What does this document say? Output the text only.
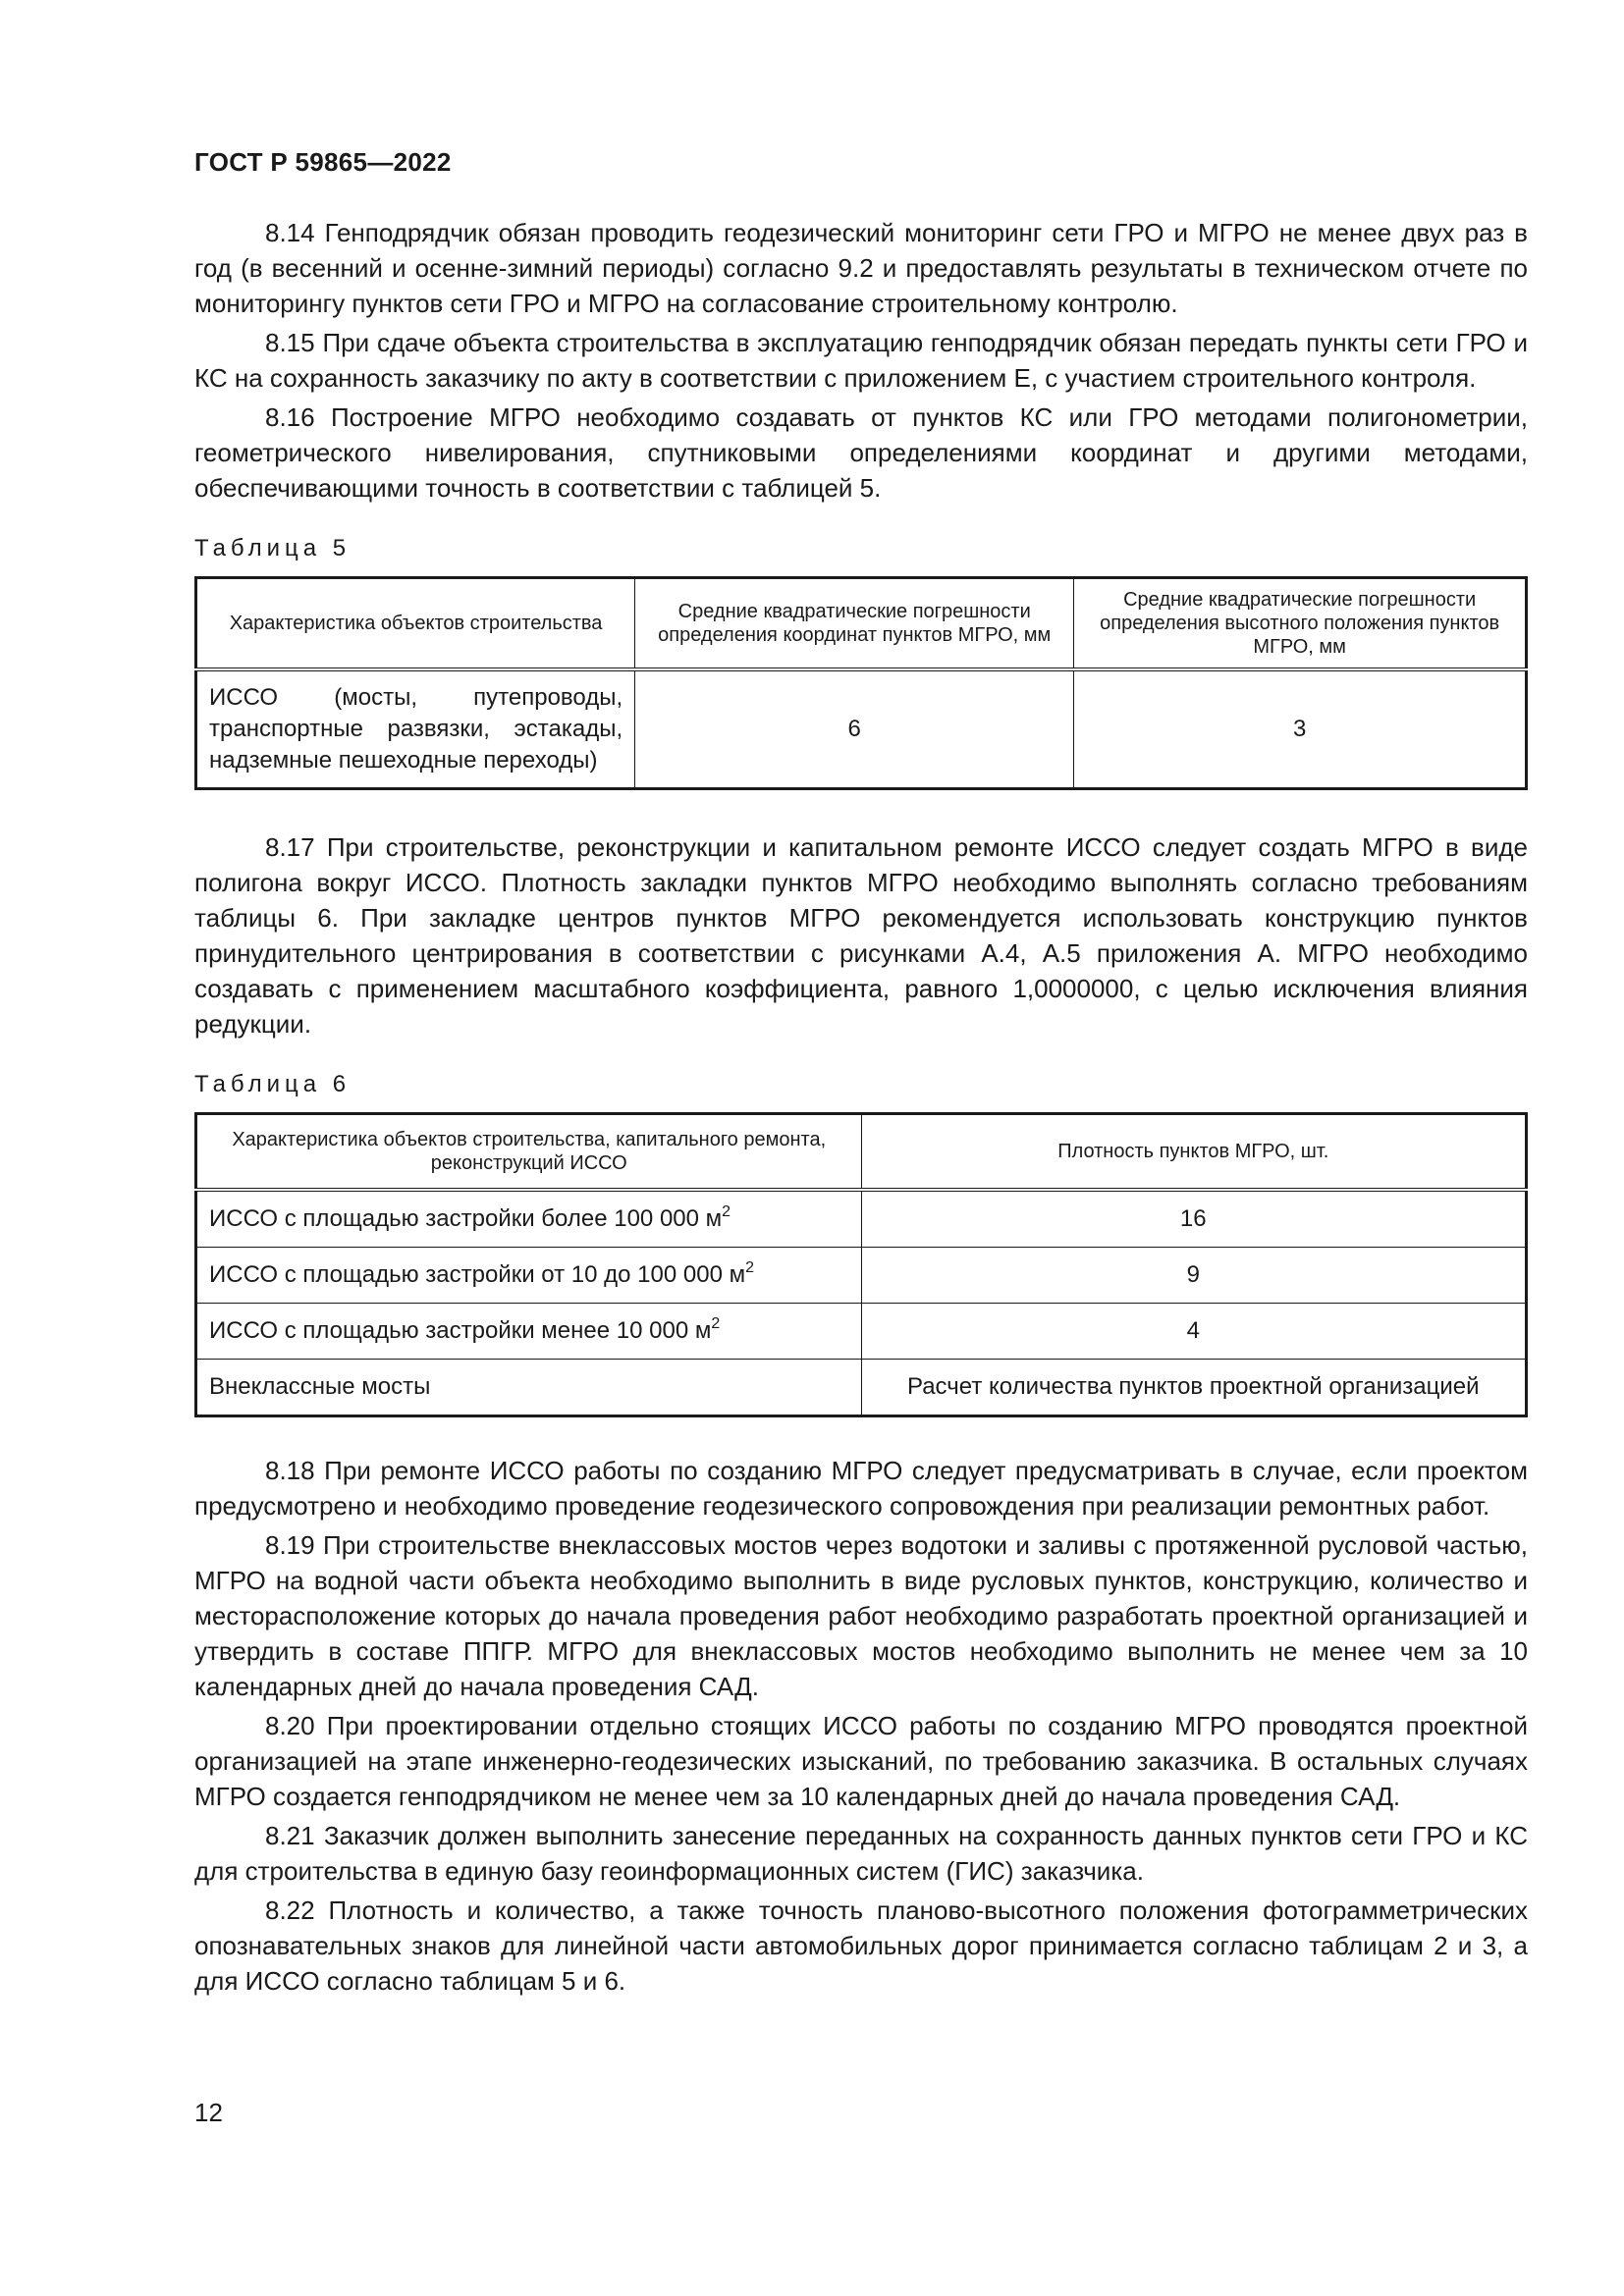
ГОСТ Р 59865—2022

8.14 Генподрядчик обязан проводить геодезический мониторинг сети ГРО и МГРО не менее двух раз в год (в весенний и осенне-зимний периоды) согласно 9.2 и предоставлять результаты в техническом отчете по мониторингу пунктов сети ГРО и МГРО на согласование строительному контролю.

8.15 При сдаче объекта строительства в эксплуатацию генподрядчик обязан передать пункты сети ГРО и КС на сохранность заказчику по акту в соответствии с приложением Е, с участием строительного контроля.

8.16 Построение МГРО необходимо создавать от пунктов КС или ГРО методами полигонометрии, геометрического нивелирования, спутниковыми определениями координат и другими методами, обеспечивающими точность в соответствии с таблицей 5.

Таблица 5
Характеристика объектов строительства	Средние квадратические погрешности определения координат пунктов МГРО, мм	Средние квадратические погрешности определения высотного положения пунктов МГРО, мм
ИССО (мосты, путепроводы, транспортные развязки, эстакады, надземные пешеходные переходы)	6	3

8.17 При строительстве, реконструкции и капитальном ремонте ИССО следует создать МГРО в виде полигона вокруг ИССО. Плотность закладки пунктов МГРО необходимо выполнять согласно требованиям таблицы 6. При закладке центров пунктов МГРО рекомендуется использовать конструкцию пунктов принудительного центрирования в соответствии с рисунками А.4, А.5 приложения А. МГРО необходимо создавать с применением масштабного коэффициента, равного 1,0000000, с целью исключения влияния редукции.

Таблица 6
Характеристика объектов строительства, капитального ремонта, реконструкций ИССО	Плотность пунктов МГРО, шт.
ИССО с площадью застройки более 100 000 $м^2$	16
ИССО с площадью застройки от 10 до 100 000 $м^2$	9
ИССО с площадью застройки менее 10 000 $м^2$	4
Внеклассные мосты	Расчет количества пунктов проектной организацией

8.18 При ремонте ИССО работы по созданию МГРО следует предусматривать в случае, если проектом предусмотрено и необходимо проведение геодезического сопровождения при реализации ремонтных работ.

8.19 При строительстве внеклассовых мостов через водотоки и заливы с протяженной русловой частью, МГРО на водной части объекта необходимо выполнить в виде русловых пунктов, конструкцию, количество и месторасположение которых до начала проведения работ необходимо разработать проектной организацией и утвердить в составе ППГР. МГРО для внеклассовых мостов необходимо выполнить не менее чем за 10 календарных дней до начала проведения САД.

8.20 При проектировании отдельно стоящих ИССО работы по созданию МГРО проводятся проектной организацией на этапе инженерно-геодезических изысканий, по требованию заказчика. В остальных случаях МГРО создается генподрядчиком не менее чем за 10 календарных дней до начала проведения САД.

8.21 Заказчик должен выполнить занесение переданных на сохранность данных пунктов сети ГРО и КС для строительства в единую базу геоинформационных систем (ГИС) заказчика.

8.22 Плотность и количество, а также точность планово-высотного положения фотограмметрических опознавательных знаков для линейной части автомобильных дорог принимается согласно таблицам 2 и 3, а для ИССО согласно таблицам 5 и 6.

12
